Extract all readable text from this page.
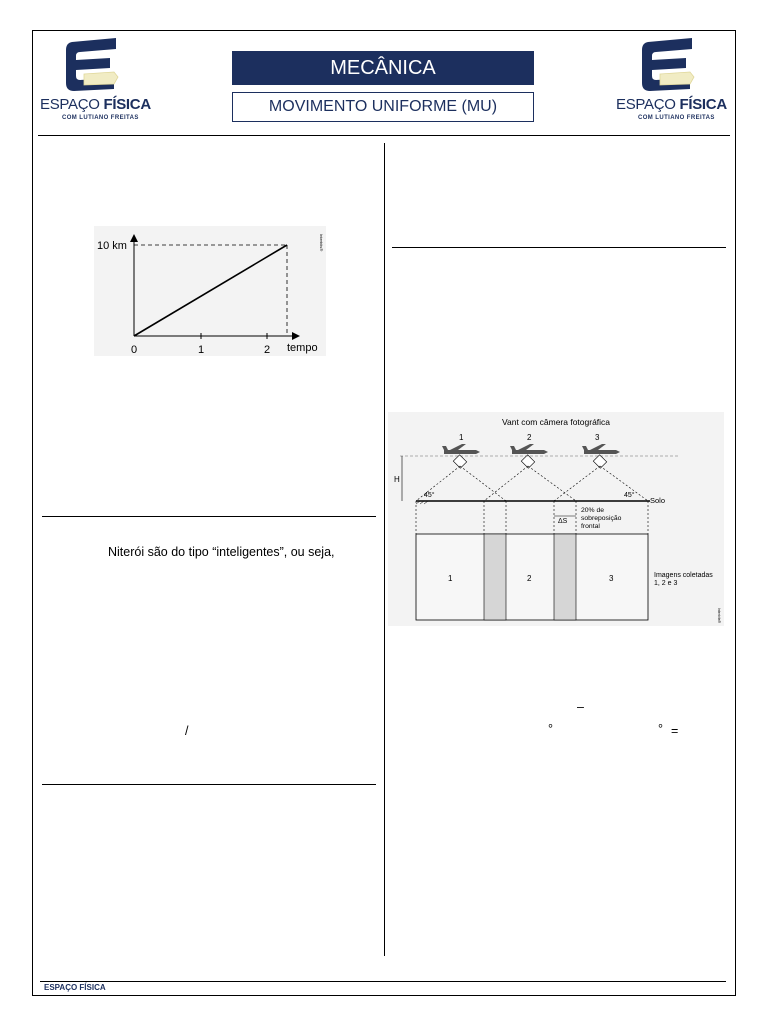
ESPAÇO FÍSICA
COM LUTIANO FREITAS
ESPAÇO FÍSICA
COM LUTIANO FREITAS
MECÂNICA
MOVIMENTO UNIFORME (MU)
10 km
0	1	2 tempo
Interbits®
Niterói são do tipo “inteligentes”, ou seja,
/
Vant com câmera fotográfica
1	2	3
H
Solo
45°	45°
ΔS
20% de
sobreposição
frontal
1	2	3	Imagens coletadas
1, 2 e 3
Interbits®
–
°	° =
ESPAÇO FÍSICA
